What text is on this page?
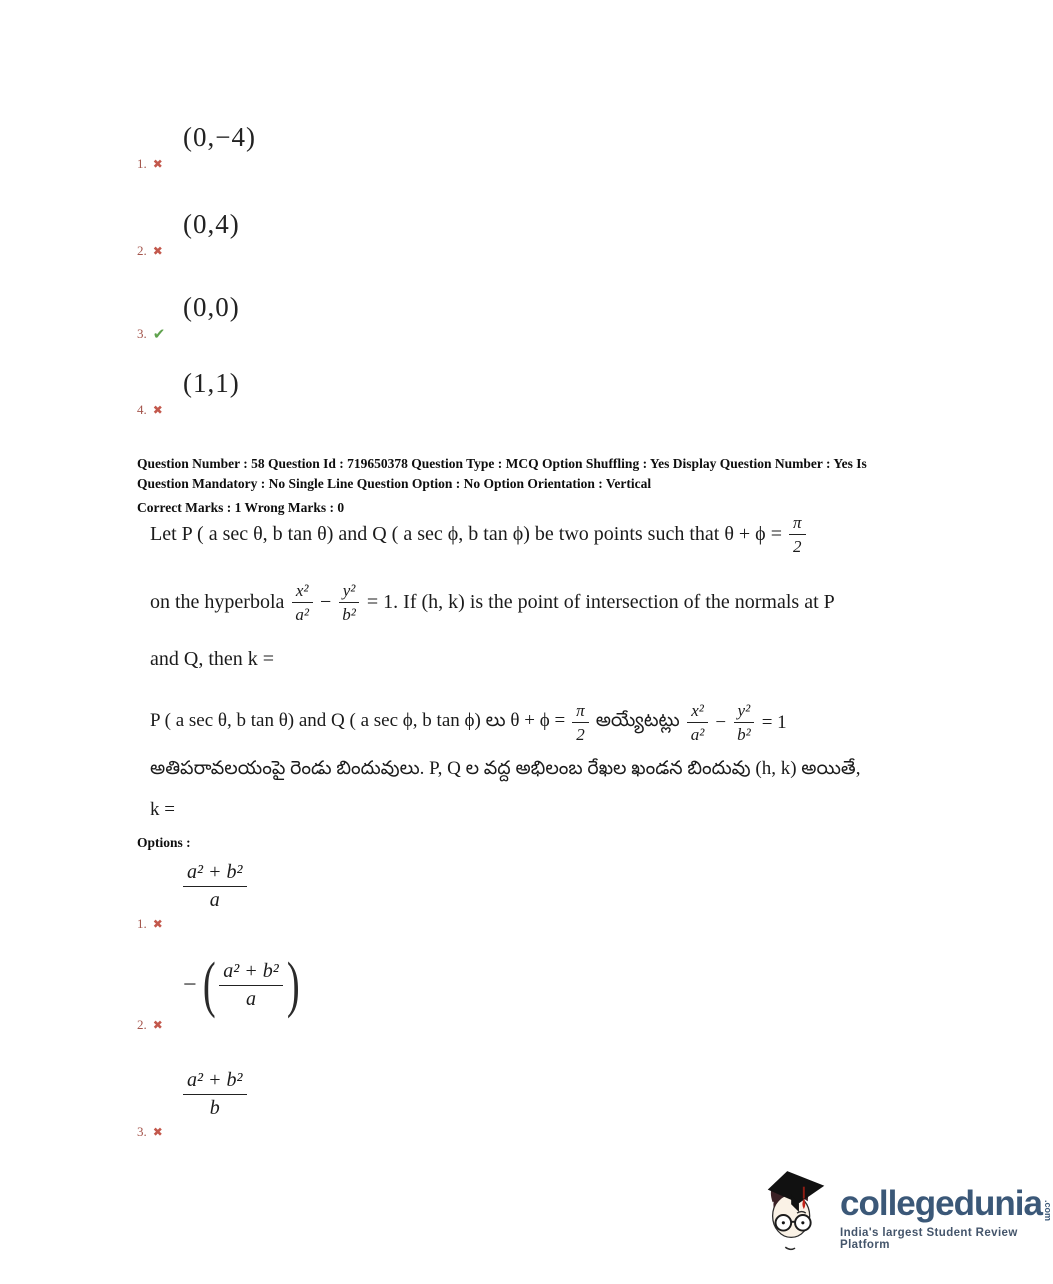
(0,−4)
1. ✖
(0,4)
2. ✖
(0,0)
3. ✔
(1,1)
4. ✖
Question Number : 58 Question Id : 719650378 Question Type : MCQ Option Shuffling : Yes Display Question Number : Yes Is
Question Mandatory : No Single Line Question Option : No Option Orientation : Vertical
Correct Marks : 1 Wrong Marks : 0
Let P ( a sec θ, b tan θ) and Q ( a sec ϕ, b tan ϕ) be two points such that $\theta + \phi = \frac{\pi}{2}$
on the hyperbola $\frac{\text{x²}}{\text{a²}} - \frac{\text{y²}}{\text{b²}} = 1$. If (h, k) is the point of intersection of the normals at P
and Q, then k =
P ( a sec θ, b tan θ) and Q ( a sec ϕ, b tan ϕ) లు $\theta + \phi = \frac{\pi}{2}$ అయ్యేటట్లు $\frac{\text{x²}}{\text{a²}} - \frac{\text{y²}}{\text{b²}} = 1$
అతిపరావలయంపై రెండు బిందువులు. P, Q ల వద్ద అభిలంబ రేఖల ఖండన బిందువు (h, k) అయితే,
k =
Options :
$\frac{\text{a² + b²}}{a}$
1. ✖
− ( $\frac{\text{a² + b²}}{a}$ )
2. ✖
$\frac{\text{a² + b²}}{b}$
3. ✖
collegedunia .com
India's largest Student Review Platform
